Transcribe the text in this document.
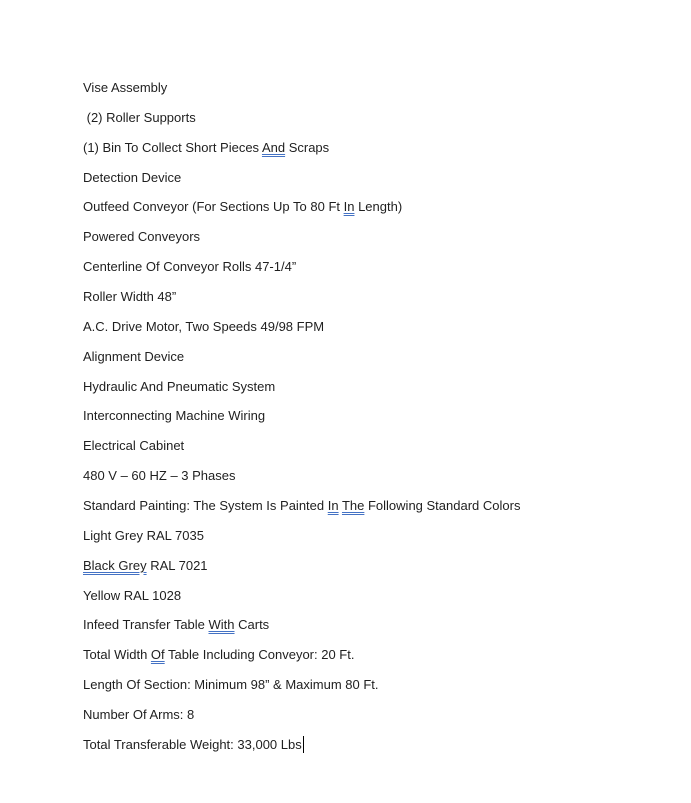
Vise Assembly
(2) Roller Supports
(1) Bin To Collect Short Pieces And Scraps
Detection Device
Outfeed Conveyor (For Sections Up To 80 Ft In Length)
Powered Conveyors
Centerline Of Conveyor Rolls 47-1/4”
Roller Width 48”
A.C. Drive Motor, Two Speeds 49/98 FPM
Alignment Device
Hydraulic And Pneumatic System
Interconnecting Machine Wiring
Electrical Cabinet
480 V – 60 HZ – 3 Phases
Standard Painting: The System Is Painted In The Following Standard Colors
Light Grey RAL 7035
Black Grey RAL 7021
Yellow RAL 1028
Infeed Transfer Table With Carts
Total Width Of Table Including Conveyor: 20 Ft.
Length Of Section: Minimum 98” & Maximum 80 Ft.
Number Of Arms: 8
Total Transferable Weight: 33,000 Lbs
